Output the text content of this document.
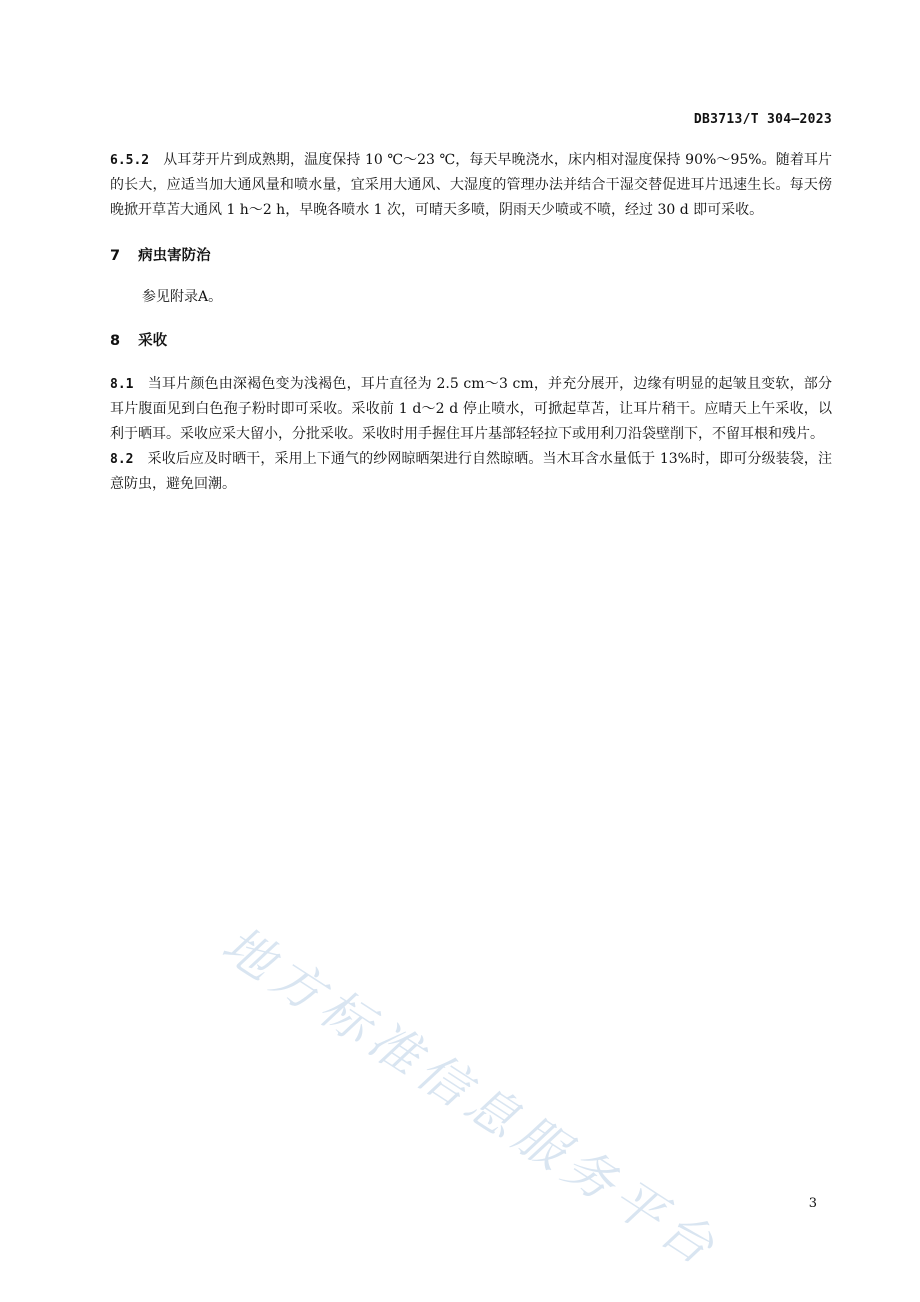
DB3713/T 304—2023

6.5.2 从耳芽开片到成熟期，温度保持 10 ℃～23 ℃，每天早晚浇水，床内相对湿度保持 90%～95%。随着耳片的长大，应适当加大通风量和喷水量，宜采用大通风、大湿度的管理办法并结合干湿交替促进耳片迅速生长。每天傍晚掀开草苫大通风 1 h～2 h，早晚各喷水 1 次，可晴天多喷，阴雨天少喷或不喷，经过 30 d 即可采收。

7 病虫害防治

参见附录A。

8 采收

8.1 当耳片颜色由深褐色变为浅褐色，耳片直径为 2.5 cm～3 cm，并充分展开，边缘有明显的起皱且变软，部分耳片腹面见到白色孢子粉时即可采收。采收前 1 d～2 d 停止喷水，可掀起草苫，让耳片稍干。应晴天上午采收，以利于晒耳。采收应采大留小，分批采收。采收时用手握住耳片基部轻轻拉下或用利刀沿袋壁削下，不留耳根和残片。

8.2 采收后应及时晒干，采用上下通气的纱网晾晒架进行自然晾晒。当木耳含水量低于 13%时，即可分级装袋，注意防虫，避免回潮。

地方标准信息服务平台	3
